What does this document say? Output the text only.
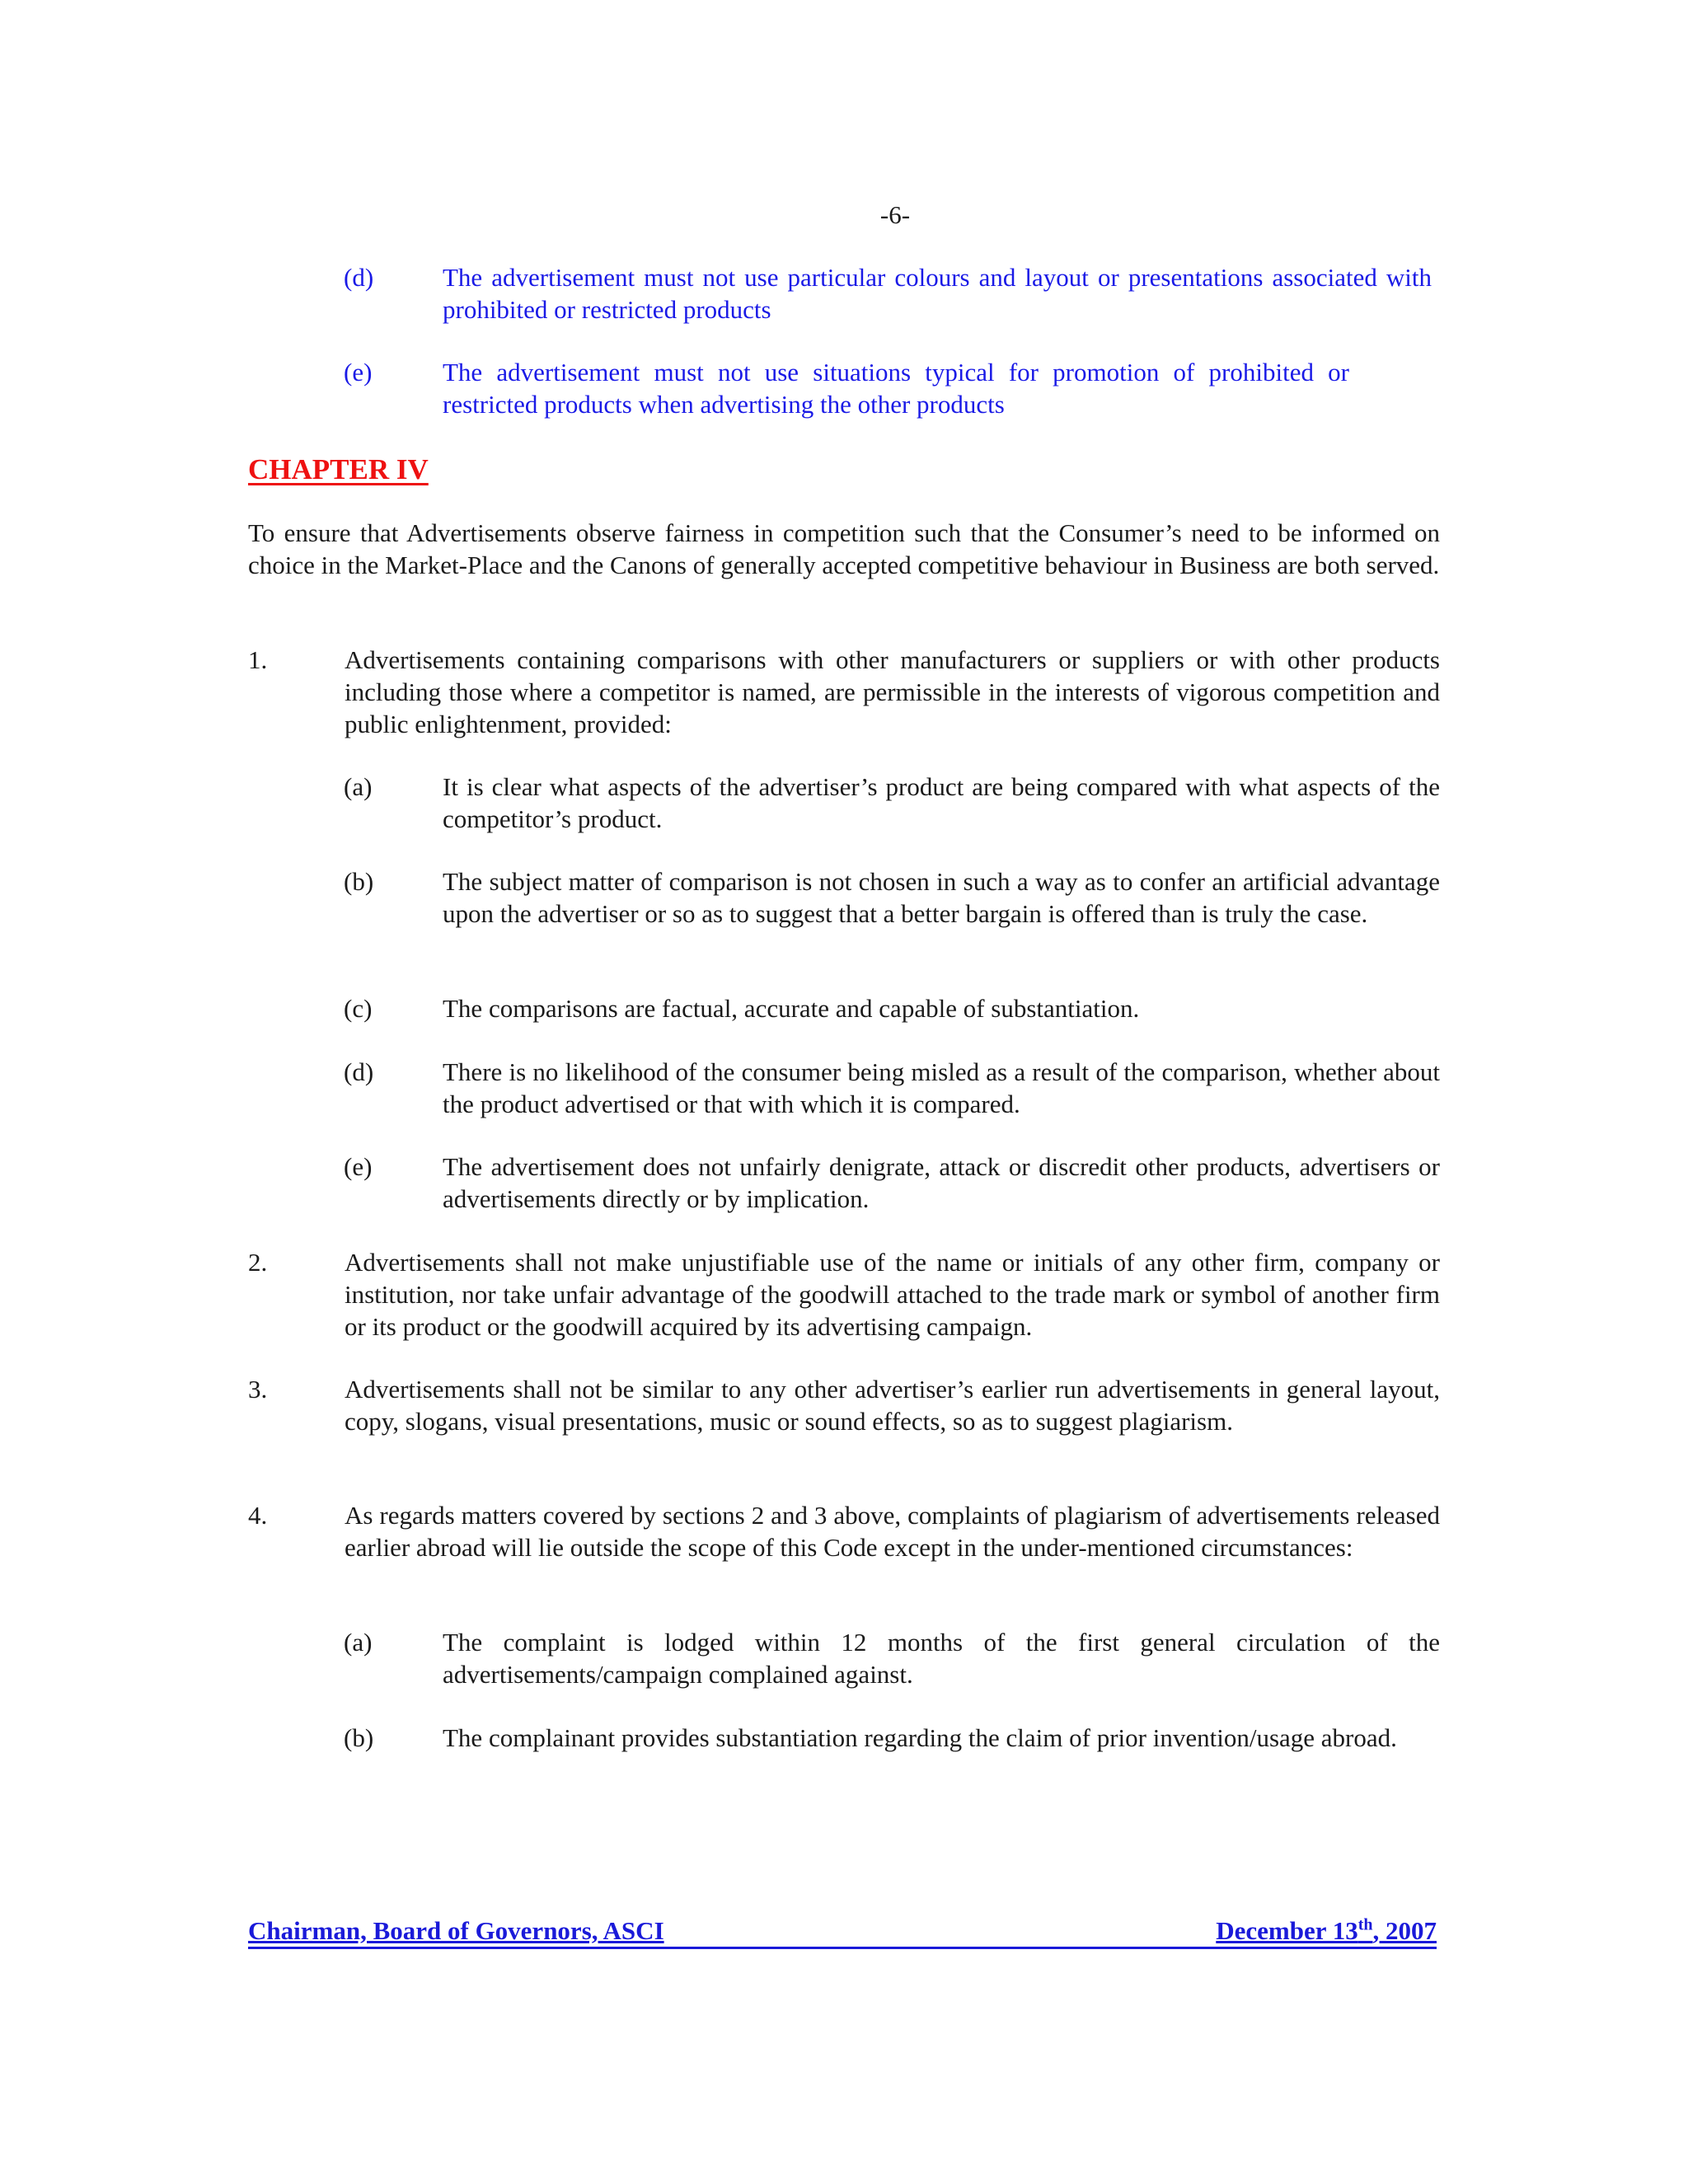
-6-
(d)	The advertisement must not use particular colours and layout or presentations associated with prohibited or restricted products
(e)	The advertisement must not use situations typical for promotion of prohibited or restricted products when advertising the other products
CHAPTER IV
To ensure that Advertisements observe fairness in competition such that the Consumer’s need to be informed on choice in the Market-Place and the Canons of generally accepted competitive behaviour in Business are both served.
1.	Advertisements containing comparisons with other manufacturers or suppliers or with other products including those where a competitor is named, are permissible in the interests of vigorous competition and public enlightenment, provided:
(a)	It is clear what aspects of the advertiser’s product are being compared with what aspects of the competitor’s product.
(b)	The subject matter of comparison is not chosen in such a way as to confer an artificial advantage upon the advertiser or so as to suggest that a better bargain is offered than is truly the case.
(c)	The comparisons are factual, accurate and capable of substantiation.
(d)	There is no likelihood of the consumer being misled as a result of the comparison, whether about the product advertised or that with which it is compared.
(e)	The advertisement does not unfairly denigrate, attack or discredit other products, advertisers or advertisements directly or by implication.
2.	Advertisements shall not make unjustifiable use of the name or initials of any other firm, company or institution, nor take unfair advantage of the goodwill attached to the trade mark or symbol of another firm or its product or the goodwill acquired by its advertising campaign.
3.	Advertisements shall not be similar to any other advertiser’s earlier run advertisements in general layout, copy, slogans, visual presentations, music or sound effects, so as to suggest plagiarism.
4.	As regards matters covered by sections 2 and 3 above, complaints of plagiarism of advertisements released earlier abroad will lie outside the scope of this Code except in the under-mentioned circumstances:
(a)	The complaint is lodged within 12 months of the first general circulation of the advertisements/campaign complained against.
(b)	The complainant provides substantiation regarding the claim of prior invention/usage abroad.
Chairman, Board of Governors, ASCI	December 13th, 2007
